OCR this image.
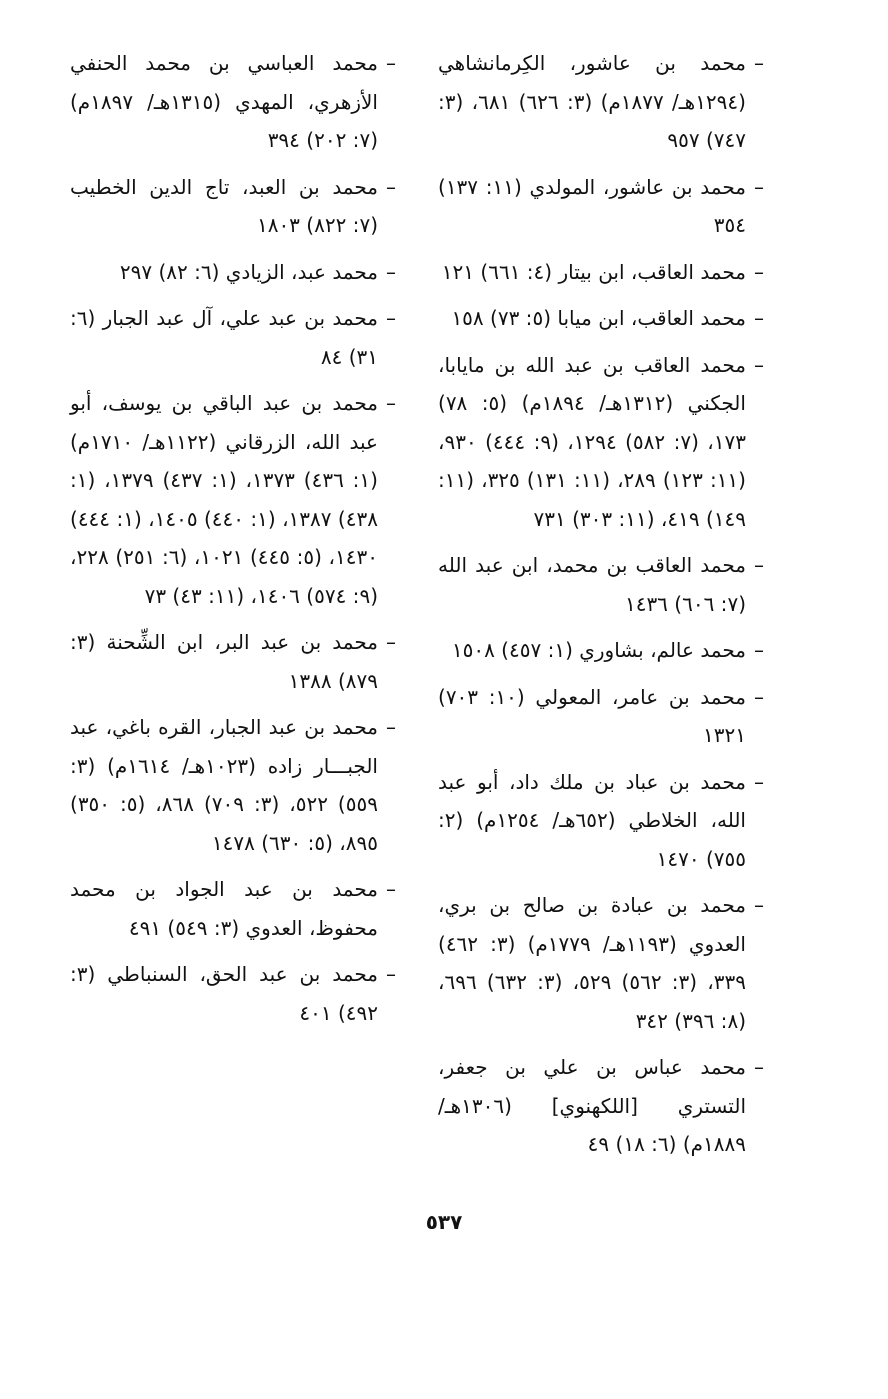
–
محمد بن عاشور، الكِرمانشاهي (١٢٩٤هـ/ ١٨٧٧م) (٣: ٦٢٦) ٦٨١، (٣: ٧٤٧) ٩٥٧
–
محمد بن عاشور، المولدي (١١: ١٣٧) ٣٥٤
–
محمد العاقب، ابن بيتار (٤: ٦٦١) ١٢١
–
محمد العاقب، ابن ميابا (٥: ٧٣) ١٥٨
–
محمد العاقب بن عبد الله بن مايابا، الجكني (١٣١٢هـ/ ١٨٩٤م) (٥: ٧٨) ١٧٣، (٧: ٥٨٢) ١٢٩٤، (٩: ٤٤٤) ٩٣٠، (١١: ١٢٣) ٢٨٩، (١١: ١٣١) ٣٢٥، (١١: ١٤٩) ٤١٩، (١١: ٣٠٣) ٧٣١
–
محمد العاقب بن محمد، ابن عبد الله (٧: ٦٠٦) ١٤٣٦
–
محمد عالم، بشاوري (١: ٤٥٧) ١٥٠٨
–
محمد بن عامر، المعولي (١٠: ٧٠٣) ١٣٢١
–
محمد بن عباد بن ملك داد، أبو عبد الله، الخلاطي (٦٥٢هـ/ ١٢٥٤م) (٢: ٧٥٥) ١٤٧٠
–
محمد بن عبادة بن صالح بن بري، العدوي (١١٩٣هـ/ ١٧٧٩م) (٣: ٤٦٢) ٣٣٩، (٣: ٥٦٢) ٥٢٩، (٣: ٦٣٢) ٦٩٦، (٨: ٣٩٦) ٣٤٢
–
محمد عباس بن علي بن جعفر، التستري [اللكهنوي] (١٣٠٦هـ/ ١٨٨٩م) (٦: ١٨) ٤٩
–
محمد العباسي بن محمد الحنفي الأزهري، المهدي (١٣١٥هـ/ ١٨٩٧م) (٧: ٢٠٢) ٣٩٤
–
محمد بن العبد، تاج الدين الخطيب (٧: ٨٢٢) ١٨٠٣
–
محمد عبد، الزيادي (٦: ٨٢) ٢٩٧
–
محمد بن عبد علي، آل عبد الجبار (٦: ٣١) ٨٤
–
محمد بن عبد الباقي بن يوسف، أبو عبد الله، الزرقاني (١١٢٢هـ/ ١٧١٠م) (١: ٤٣٦) ١٣٧٣، (١: ٤٣٧) ١٣٧٩، (١: ٤٣٨) ١٣٨٧، (١: ٤٤٠) ١٤٠٥، (١: ٤٤٤) ١٤٣٠، (٥: ٤٤٥) ١٠٢١، (٦: ٢٥١) ٢٢٨، (٩: ٥٧٤) ١٤٠٦، (١١: ٤٣) ٧٣
–
محمد بن عبد البر، ابن الشِّحنة (٣: ٨٧٩) ١٣٨٨
–
محمد بن عبد الجبار، القره باغي، عبد الجبـــار زاده (١٠٢٣هـ/ ١٦١٤م) (٣: ٥٥٩) ٥٢٢، (٣: ٧٠٩) ٨٦٨، (٥: ٣٥٠) ٨٩٥، (٥: ٦٣٠) ١٤٧٨
–
محمد بن عبد الجواد بن محمد محفوظ، العدوي (٣: ٥٤٩) ٤٩١
–
محمد بن عبد الحق، السنباطي (٣: ٤٩٢) ٤٠١
٥٣٧
